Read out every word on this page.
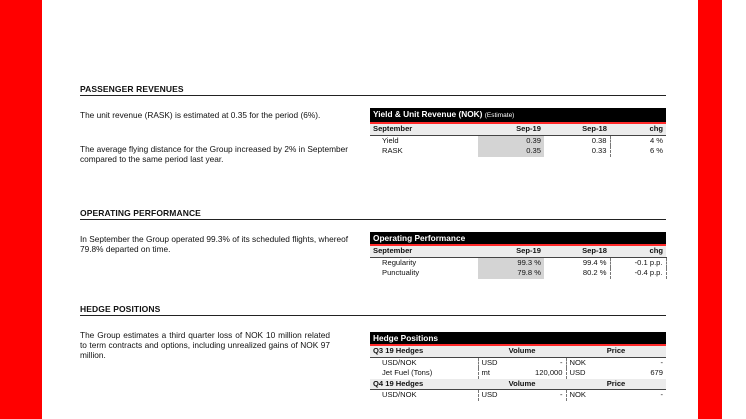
PASSENGER REVENUES
The unit revenue (RASK) is estimated at 0.35 for the period (6%).
The average flying distance for the Group increased by 2% in September compared to the same period last year.
Yield & Unit Revenue (NOK) (Estimate)			
September	Sep-19	Sep-18	chg
Yield	0.39	0.38	4 %
RASK	0.35	0.33	6 %
OPERATING PERFORMANCE
In September the Group operated 99.3% of its scheduled flights, whereof 79.8% departed on time.
Operating Performance			
September	Sep-19	Sep-18	chg
Regularity	99.3 %	99.4 %	-0.1 p.p.
Punctuality	79.8 %	80.2 %	-0.4 p.p.
HEDGE POSITIONS
The Group estimates a third quarter loss of NOK 10 million related to term contracts and options, including unrealized gains of NOK 97 million.
Hedge Positions				
Q3 19 Hedges	Volume		Price	
USD/NOK	USD	-	NOK	-
Jet Fuel (Tons)	mt	120,000	USD	679
Q4 19 Hedges	Volume		Price	
USD/NOK	USD	-	NOK	-
